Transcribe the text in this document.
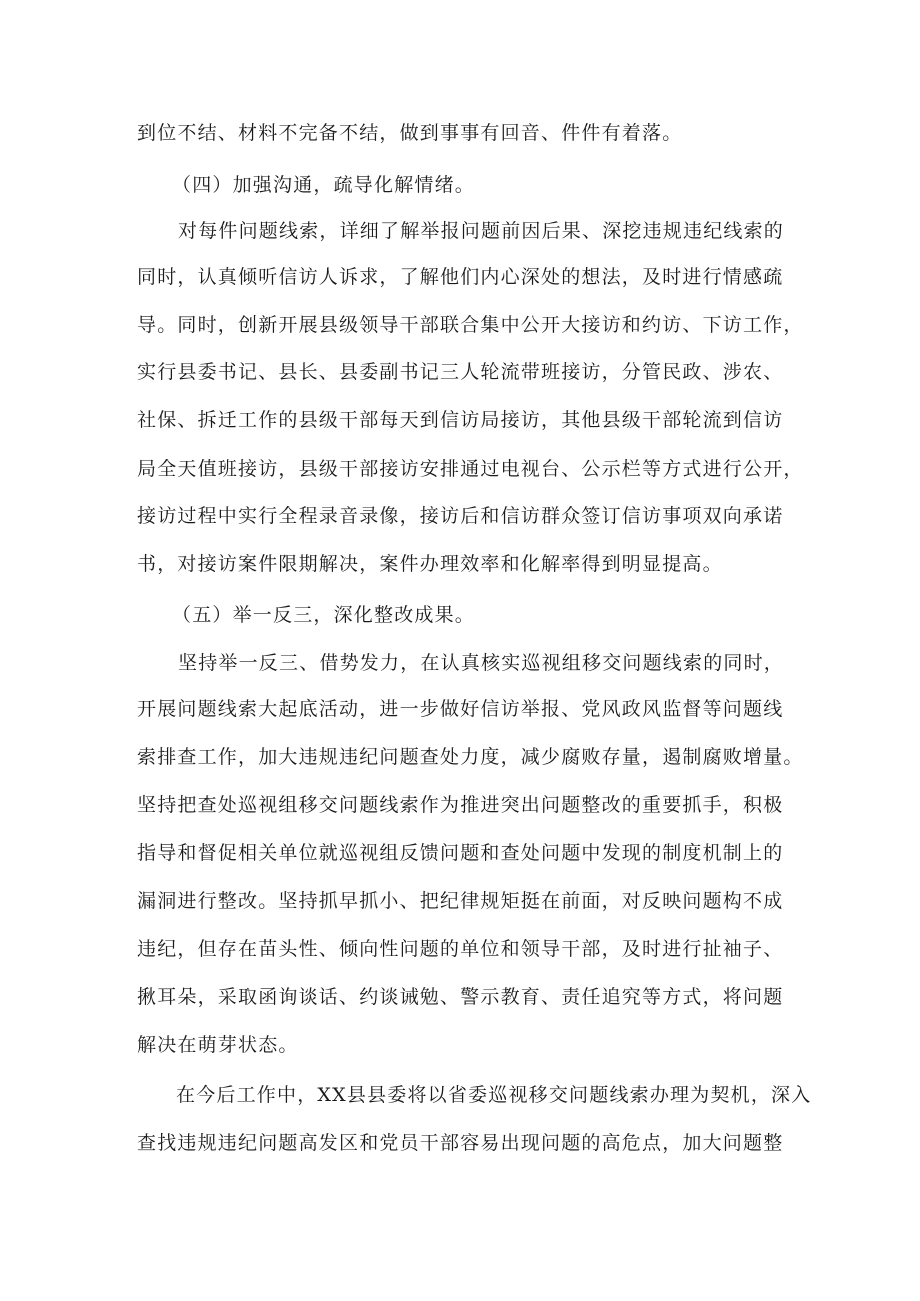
到位不结、材料不完备不结，做到事事有回音、件件有着落。
（四）加强沟通，疏导化解情绪。
对每件问题线索，详细了解举报问题前因后果、深挖违规违纪线索的
同时，认真倾听信访人诉求，了解他们内心深处的想法，及时进行情感疏
导。同时，创新开展县级领导干部联合集中公开大接访和约访、下访工作，
实行县委书记、县长、县委副书记三人轮流带班接访，分管民政、涉农、
社保、拆迁工作的县级干部每天到信访局接访，其他县级干部轮流到信访
局全天值班接访，县级干部接访安排通过电视台、公示栏等方式进行公开，
接访过程中实行全程录音录像，接访后和信访群众签订信访事项双向承诺
书，对接访案件限期解决，案件办理效率和化解率得到明显提高。
（五）举一反三，深化整改成果。
坚持举一反三、借势发力，在认真核实巡视组移交问题线索的同时，
开展问题线索大起底活动，进一步做好信访举报、党风政风监督等问题线
索排查工作，加大违规违纪问题查处力度，减少腐败存量，遏制腐败增量。
坚持把查处巡视组移交问题线索作为推进突出问题整改的重要抓手，积极
指导和督促相关单位就巡视组反馈问题和查处问题中发现的制度机制上的
漏洞进行整改。坚持抓早抓小、把纪律规矩挺在前面，对反映问题构不成
违纪，但存在苗头性、倾向性问题的单位和领导干部，及时进行扯袖子、
揪耳朵，采取函询谈话、约谈诫勉、警示教育、责任追究等方式，将问题
解决在萌芽状态。
在今后工作中，XX县县委将以省委巡视移交问题线索办理为契机，深入
查找违规违纪问题高发区和党员干部容易出现问题的高危点，加大问题整
